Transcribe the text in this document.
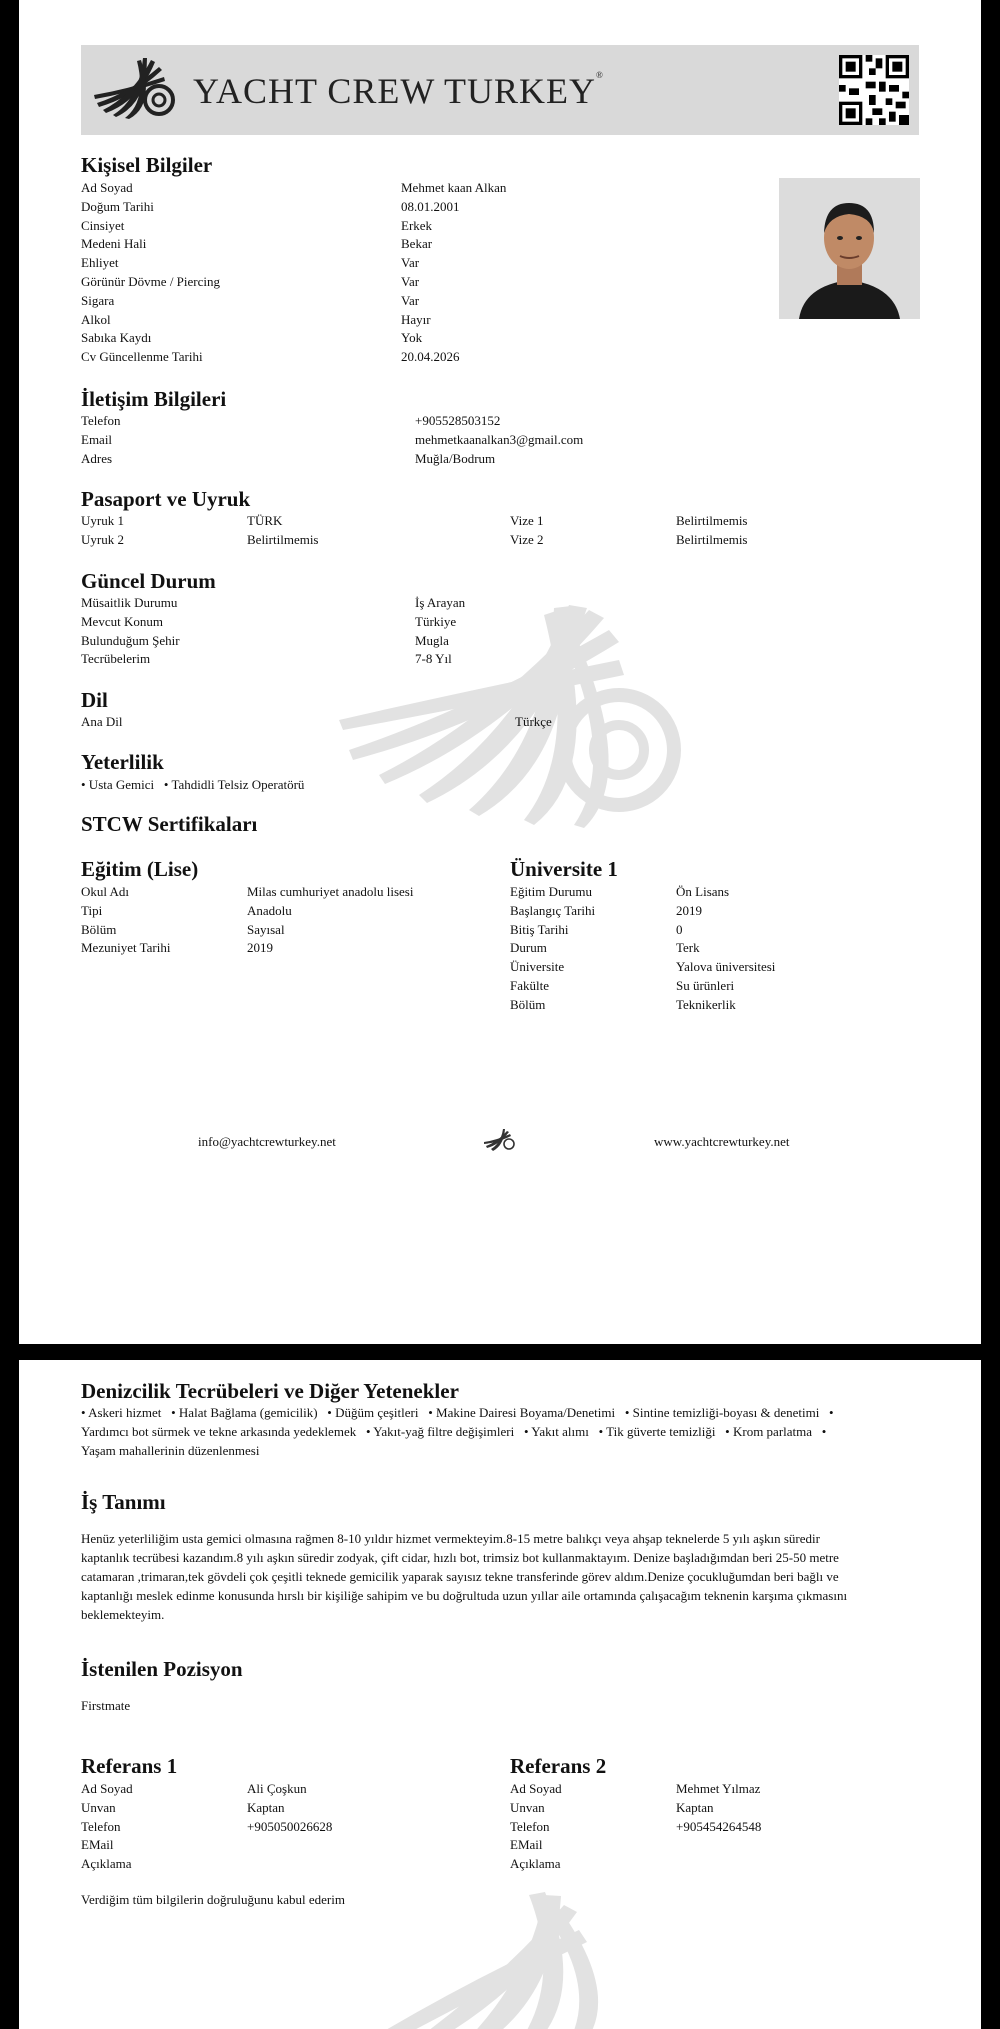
YACHT CREW TURKEY®
Kişisel Bilgiler
Ad Soyad	Mehmet kaan Alkan
Doğum Tarihi	08.01.2001
Cinsiyet	Erkek
Medeni Hali	Bekar
Ehliyet	Var
Görünür Dövme / Piercing	Var
Sigara	Var
Alkol	Hayır
Sabıka Kaydı	Yok
Cv Güncellenme Tarihi	20.04.2026
İletişim Bilgileri
Telefon	+905528503152
Email	mehmetkaanalkan3@gmail.com
Adres	Muğla/Bodrum
Pasaport ve Uyruk
Uyruk 1	TÜRK	Vize 1	Belirtilmemis
Uyruk 2	Belirtilmemis	Vize 2	Belirtilmemis
Güncel Durum
Müsaitlik Durumu	İş Arayan
Mevcut Konum	Türkiye
Bulunduğum Şehir	Mugla
Tecrübelerim	7-8 Yıl
Dil
Ana Dil	Türkçe
Yeterlilik
• Usta Gemici   • Tahdidli Telsiz Operatörü
STCW Sertifikaları
Eğitim (Lise)
Okul Adı	Milas cumhuriyet anadolu lisesi
Tipi	Anadolu
Bölüm	Sayısal
Mezuniyet Tarihi	2019
Üniversite 1
Eğitim Durumu	Ön Lisans
Başlangıç Tarihi	2019
Bitiş Tarihi	0
Durum	Terk
Üniversite	Yalova üniversitesi
Fakülte	Su ürünleri
Bölüm	Teknikerlik
info@yachtcrewturkey.net	www.yachtcrewturkey.net
Denizcilik Tecrübeleri ve Diğer Yetenekler
• Askeri hizmet   • Halat Bağlama (gemicilik)   • Düğüm çeşitleri   • Makine Dairesi Boyama/Denetimi   • Sintine temizliği-boyası & denetimi   •
Yardımcı bot sürmek ve tekne arkasında yedeklemek   • Yakıt-yağ filtre değişimleri   • Yakıt alımı   • Tik güverte temizliği   • Krom parlatma   •
Yaşam mahallerinin düzenlenmesi
İş Tanımı
Henüz yeterliliğim usta gemici olmasına rağmen 8-10 yıldır hizmet vermekteyim.8-15 metre balıkçı veya ahşap teknelerde 5 yılı aşkın süredir
kaptanlık tecrübesi kazandım.8 yılı aşkın süredir zodyak, çift cidar, hızlı bot, trimsiz bot kullanmaktayım. Denize başladığımdan beri 25-50 metre
catamaran ,trimaran,tek gövdeli çok çeşitli teknede gemicilik yaparak sayısız tekne transferinde görev aldım.Denize çocukluğumdan beri bağlı ve
kaptanlığı meslek edinme konusunda hırslı bir kişiliğe sahipim ve bu doğrultuda uzun yıllar aile ortamında çalışacağım teknenin karşıma çıkmasını
beklemekteyim.
İstenilen Pozisyon
Firstmate
Referans 1
Ad Soyad	Ali Çoşkun
Unvan	Kaptan
Telefon	+905050026628
EMail
Açıklama
Referans 2
Ad Soyad	Mehmet Yılmaz
Unvan	Kaptan
Telefon	+905454264548
EMail
Açıklama
Verdiğim tüm bilgilerin doğruluğunu kabul ederim
